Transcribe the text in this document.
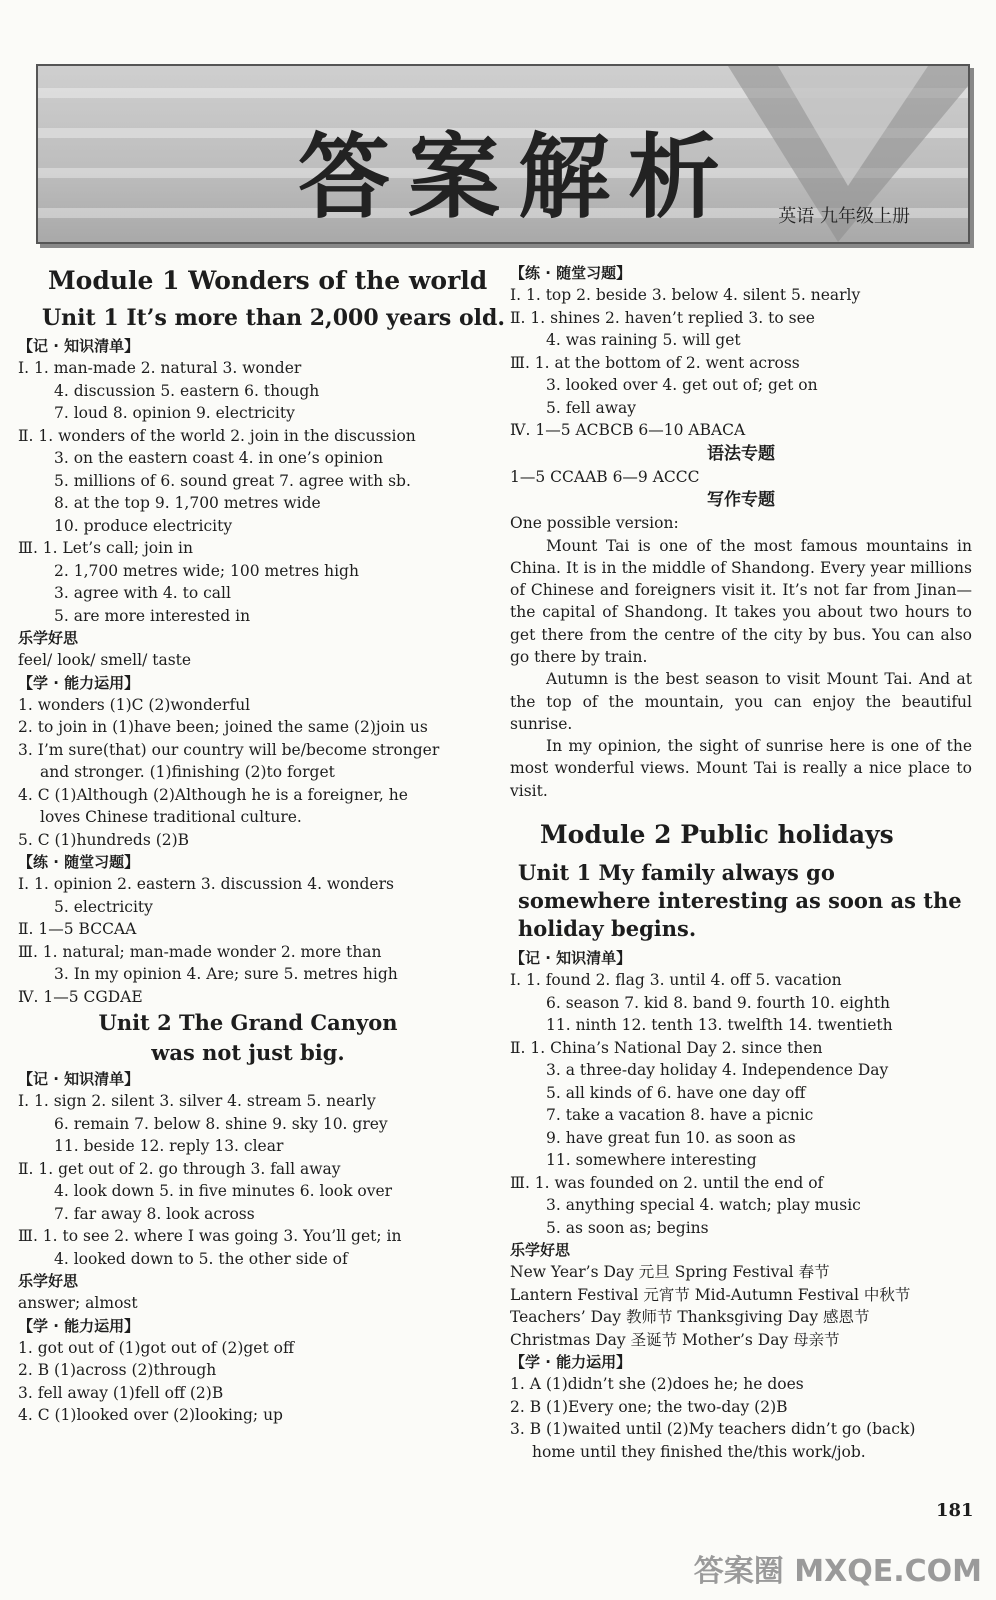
答案解析 英语 九年级上册
Module 1 Wonders of the world
Unit 1 It’s more than 2,000 years old.
【记 · 知识清单】
Ⅰ. 1. man-made 2. natural 3. wonder
4. discussion 5. eastern 6. though
7. loud 8. opinion 9. electricity
Ⅱ. 1. wonders of the world 2. join in the discussion
3. on the eastern coast 4. in one’s opinion
5. millions of 6. sound great 7. agree with sb.
8. at the top 9. 1,700 metres wide
10. produce electricity
Ⅲ. 1. Let’s call; join in
2. 1,700 metres wide; 100 metres high
3. agree with 4. to call
5. are more interested in
乐学好思
feel/ look/ smell/ taste
【学 · 能力运用】
1. wonders (1)C (2)wonderful
2. to join in (1)have been; joined the same (2)join us
3. I’m sure(that) our country will be/become stronger
and stronger. (1)finishing (2)to forget
4. C (1)Although (2)Although he is a foreigner, he
loves Chinese traditional culture.
5. C (1)hundreds (2)B
【练 · 随堂习题】
Ⅰ. 1. opinion 2. eastern 3. discussion 4. wonders
5. electricity
Ⅱ. 1—5 BCCAA
Ⅲ. 1. natural; man-made wonder 2. more than
3. In my opinion 4. Are; sure 5. metres high
Ⅳ. 1—5 CGDAE
Unit 2 The Grand Canyon
was not just big.
【记 · 知识清单】
Ⅰ. 1. sign 2. silent 3. silver 4. stream 5. nearly
6. remain 7. below 8. shine 9. sky 10. grey
11. beside 12. reply 13. clear
Ⅱ. 1. get out of 2. go through 3. fall away
4. look down 5. in five minutes 6. look over
7. far away 8. look across
Ⅲ. 1. to see 2. where I was going 3. You’ll get; in
4. looked down to 5. the other side of
乐学好思
answer; almost
【学 · 能力运用】
1. got out of (1)got out of (2)get off
2. B (1)across (2)through
3. fell away (1)fell off (2)B
4. C (1)looked over (2)looking; up
【练 · 随堂习题】
Ⅰ. 1. top 2. beside 3. below 4. silent 5. nearly
Ⅱ. 1. shines 2. haven’t replied 3. to see
4. was raining 5. will get
Ⅲ. 1. at the bottom of 2. went across
3. looked over 4. get out of; get on
5. fell away
Ⅳ. 1—5 ACBCB 6—10 ABACA
语法专题
1—5 CCAAB 6—9 ACCC
写作专题
One possible version:

Mount Tai is one of the most famous mountains in China. It is in the middle of Shandong. Every year millions of Chinese and foreigners visit it. It’s not far from Jinan—the capital of Shandong. It takes you about two hours to get there from the centre of the city by bus. You can also go there by train.

Autumn is the best season to visit Mount Tai. And at the top of the mountain, you can enjoy the beautiful sunrise.

In my opinion, the sight of sunrise here is one of the most wonderful views. Mount Tai is really a nice place to visit.

Module 2 Public holidays
Unit 1 My family always go somewhere interesting as soon as the holiday begins.
【记 · 知识清单】
Ⅰ. 1. found 2. flag 3. until 4. off 5. vacation
6. season 7. kid 8. band 9. fourth 10. eighth
11. ninth 12. tenth 13. twelfth 14. twentieth
Ⅱ. 1. China’s National Day 2. since then
3. a three-day holiday 4. Independence Day
5. all kinds of 6. have one day off
7. take a vacation 8. have a picnic
9. have great fun 10. as soon as
11. somewhere interesting
Ⅲ. 1. was founded on 2. until the end of
3. anything special 4. watch; play music
5. as soon as; begins
乐学好思
New Year’s Day 元旦 Spring Festival 春节
Lantern Festival 元宵节 Mid-Autumn Festival 中秋节
Teachers’ Day 教师节 Thanksgiving Day 感恩节
Christmas Day 圣诞节 Mother’s Day 母亲节
【学 · 能力运用】
1. A (1)didn’t she (2)does he; he does
2. B (1)Every one; the two-day (2)B
3. B (1)waited until (2)My teachers didn’t go (back)
home until they finished the/this work/job.
181
答案圈 MXQE.COM
